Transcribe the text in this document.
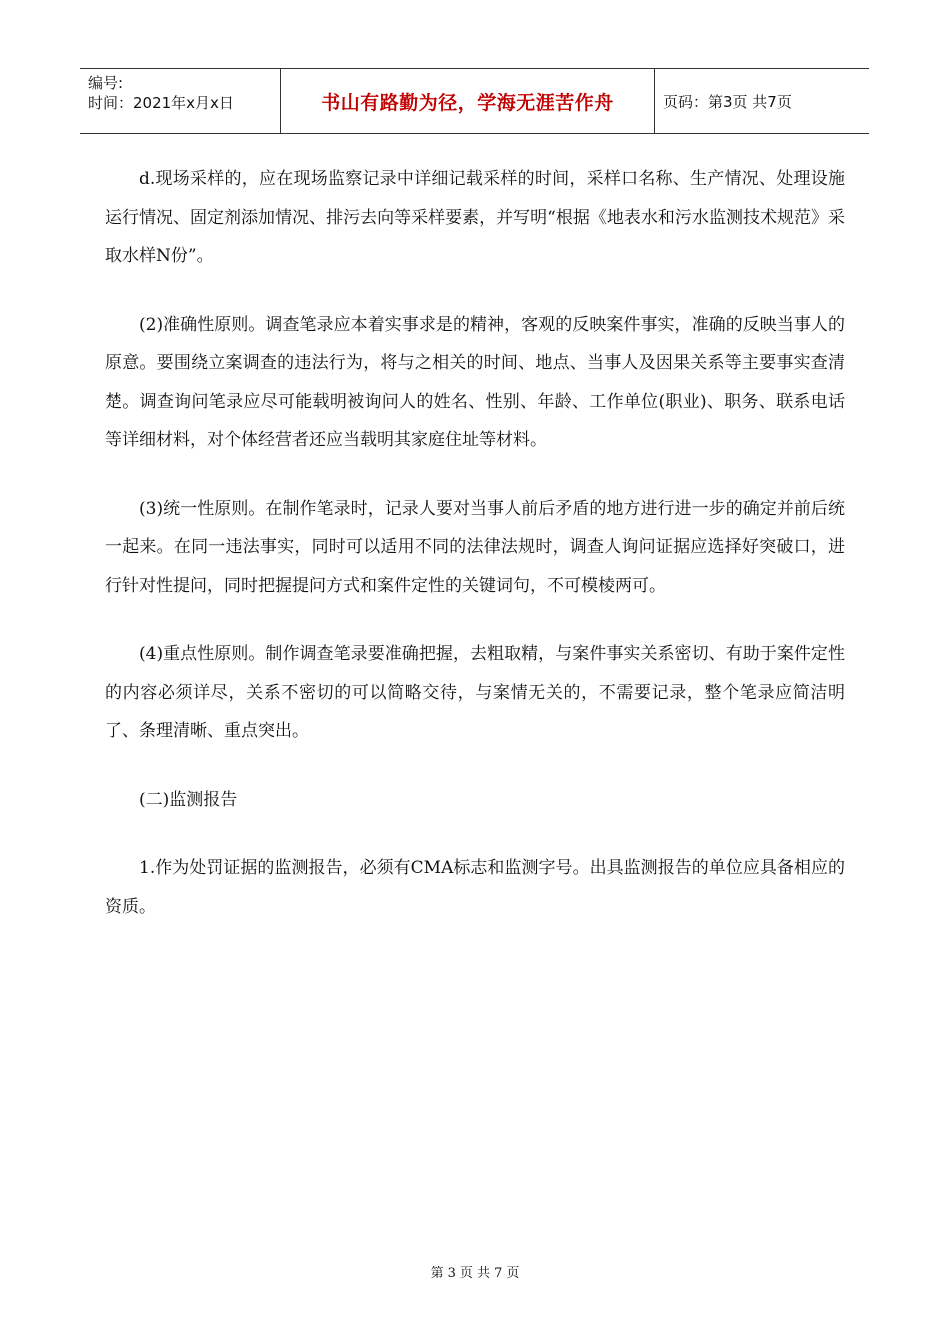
编号:
时间：2021年x月x日	书山有路勤为径，学海无涯苦作舟	页码：第3页 共7页

d.现场采样的，应在现场监察记录中详细记载采样的时间，采样口名称、生产情况、处理设施运行情况、固定剂添加情况、排污去向等采样要素，并写明“根据《地表水和污水监测技术规范》采取水样N份”。

(2)准确性原则。调查笔录应本着实事求是的精神，客观的反映案件事实，准确的反映当事人的原意。要围绕立案调查的违法行为，将与之相关的时间、地点、当事人及因果关系等主要事实查清楚。调查询问笔录应尽可能载明被询问人的姓名、性别、年龄、工作单位(职业)、职务、联系电话等详细材料，对个体经营者还应当载明其家庭住址等材料。

(3)统一性原则。在制作笔录时，记录人要对当事人前后矛盾的地方进行进一步的确定并前后统一起来。在同一违法事实，同时可以适用不同的法律法规时，调查人询问证据应选择好突破口，进行针对性提问，同时把握提问方式和案件定性的关键词句，不可模棱两可。

(4)重点性原则。制作调查笔录要准确把握，去粗取精，与案件事实关系密切、有助于案件定性的内容必须详尽，关系不密切的可以简略交待，与案情无关的，不需要记录，整个笔录应简洁明了、条理清晰、重点突出。

(二)监测报告

1.作为处罚证据的监测报告，必须有CMA标志和监测字号。出具监测报告的单位应具备相应的资质。

第 3 页 共 7 页
